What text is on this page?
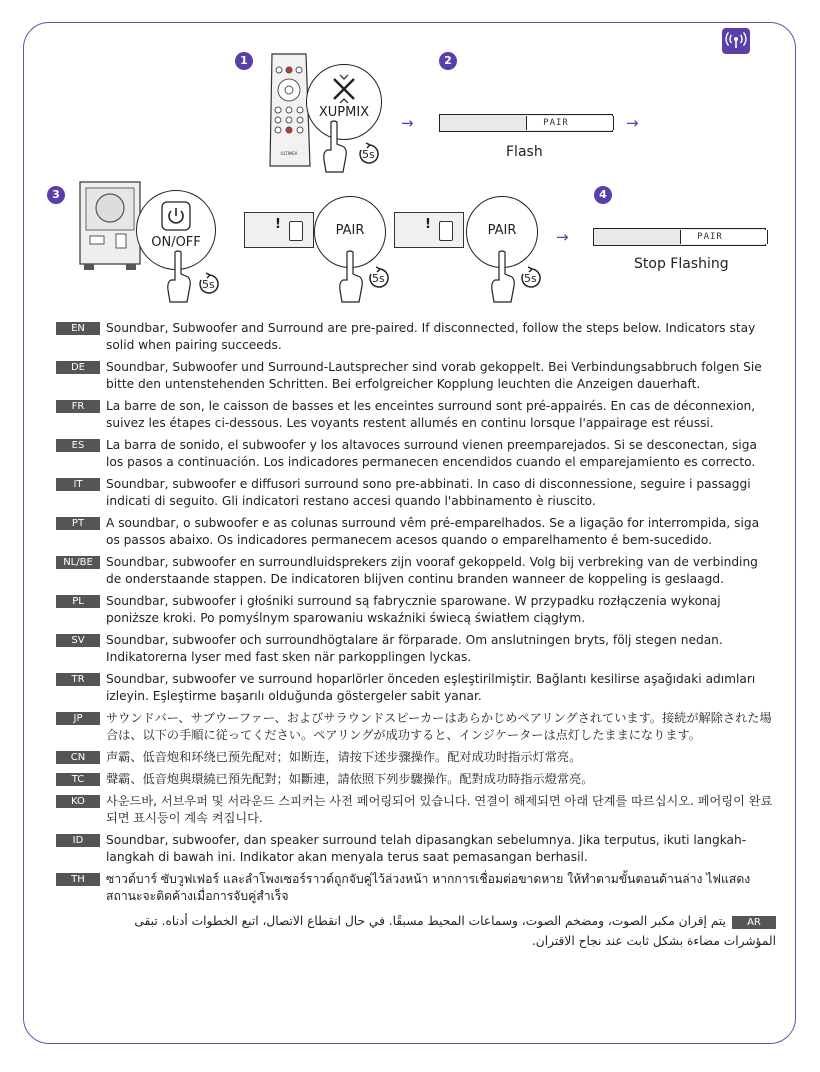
1	2
3	4
ULTIMEA
XUPMIX
5s
→	PAIR
Flash
→
ON/OFF
5s
!	PAIR
5s
!	PAIR
5s
→	PAIR
Stop Flashing
EN	Soundbar, Subwoofer and Surround are pre-paired. If disconnected, follow the steps below. Indicators stay solid when pairing succeeds.
DE	Soundbar, Subwoofer und Surround-Lautsprecher sind vorab gekoppelt. Bei Verbindungsabbruch folgen Sie bitte den untenstehenden Schritten. Bei erfolgreicher Kopplung leuchten die Anzeigen dauerhaft.
FR	La barre de son, le caisson de basses et les enceintes surround sont pré-appairés. En cas de déconnexion, suivez les étapes ci-dessous. Les voyants restent allumés en continu lorsque l'appairage est réussi.
ES	La barra de sonido, el subwoofer y los altavoces surround vienen preemparejados. Si se desconectan, siga los pasos a continuación. Los indicadores permanecen encendidos cuando el emparejamiento es correcto.
IT	Soundbar, subwoofer e diffusori surround sono pre-abbinati. In caso di disconnessione, seguire i passaggi indicati di seguito. Gli indicatori restano accesi quando l'abbinamento è riuscito.
PT	A soundbar, o subwoofer e as colunas surround vêm pré-emparelhados. Se a ligação for interrompida, siga os passos abaixo. Os indicadores permanecem acesos quando o emparelhamento é bem-sucedido.
NL/BE	Soundbar, subwoofer en surroundluidsprekers zijn vooraf gekoppeld. Volg bij verbreking van de verbinding de onderstaande stappen. De indicatoren blijven continu branden wanneer de koppeling is geslaagd.
PL	Soundbar, subwoofer i głośniki surround są fabrycznie sparowane. W przypadku rozłączenia wykonaj poniższe kroki. Po pomyślnym sparowaniu wskaźniki świecą światłem ciągłym.
SV	Soundbar, subwoofer och surroundhögtalare är förparade. Om anslutningen bryts, följ stegen nedan. Indikatorerna lyser med fast sken när parkopplingen lyckas.
TR	Soundbar, subwoofer ve surround hoparlörler önceden eşleştirilmiştir. Bağlantı kesilirse aşağıdaki adımları izleyin. Eşleştirme başarılı olduğunda göstergeler sabit yanar.
JP	サウンドバー、サブウーファー、およびサラウンドスピーカーはあらかじめペアリングされています。接続が解除された場合は、以下の手順に従ってください。ペアリングが成功すると、インジケーターは点灯したままになります。
CN	声霸、低音炮和环绕已预先配对；如断连，请按下述步骤操作。配对成功时指示灯常亮。
TC	聲霸、低音炮與環繞已預先配對；如斷連，請依照下列步驟操作。配對成功時指示燈常亮。
KO	사운드바, 서브우퍼 및 서라운드 스피커는 사전 페어링되어 있습니다. 연결이 해제되면 아래 단계를 따르십시오. 페어링이 완료되면 표시등이 계속 켜집니다.
ID	Soundbar, subwoofer, dan speaker surround telah dipasangkan sebelumnya. Jika terputus, ikuti langkah-langkah di bawah ini. Indikator akan menyala terus saat pemasangan berhasil.
TH	ซาวด์บาร์ ซับวูฟเฟอร์ และลำโพงเซอร์ราวด์ถูกจับคู่ไว้ล่วงหน้า หากการเชื่อมต่อขาดหาย ให้ทำตามขั้นตอนด้านล่าง ไฟแสดงสถานะจะติดค้างเมื่อการจับคู่สำเร็จ
ARيتم إقران مكبر الصوت، ومضخم الصوت، وسماعات المحيط مسبقًا. في حال انقطاع الاتصال، اتبع الخطوات أدناه. تبقى المؤشرات مضاءة بشكل ثابت عند نجاح الاقتران.
